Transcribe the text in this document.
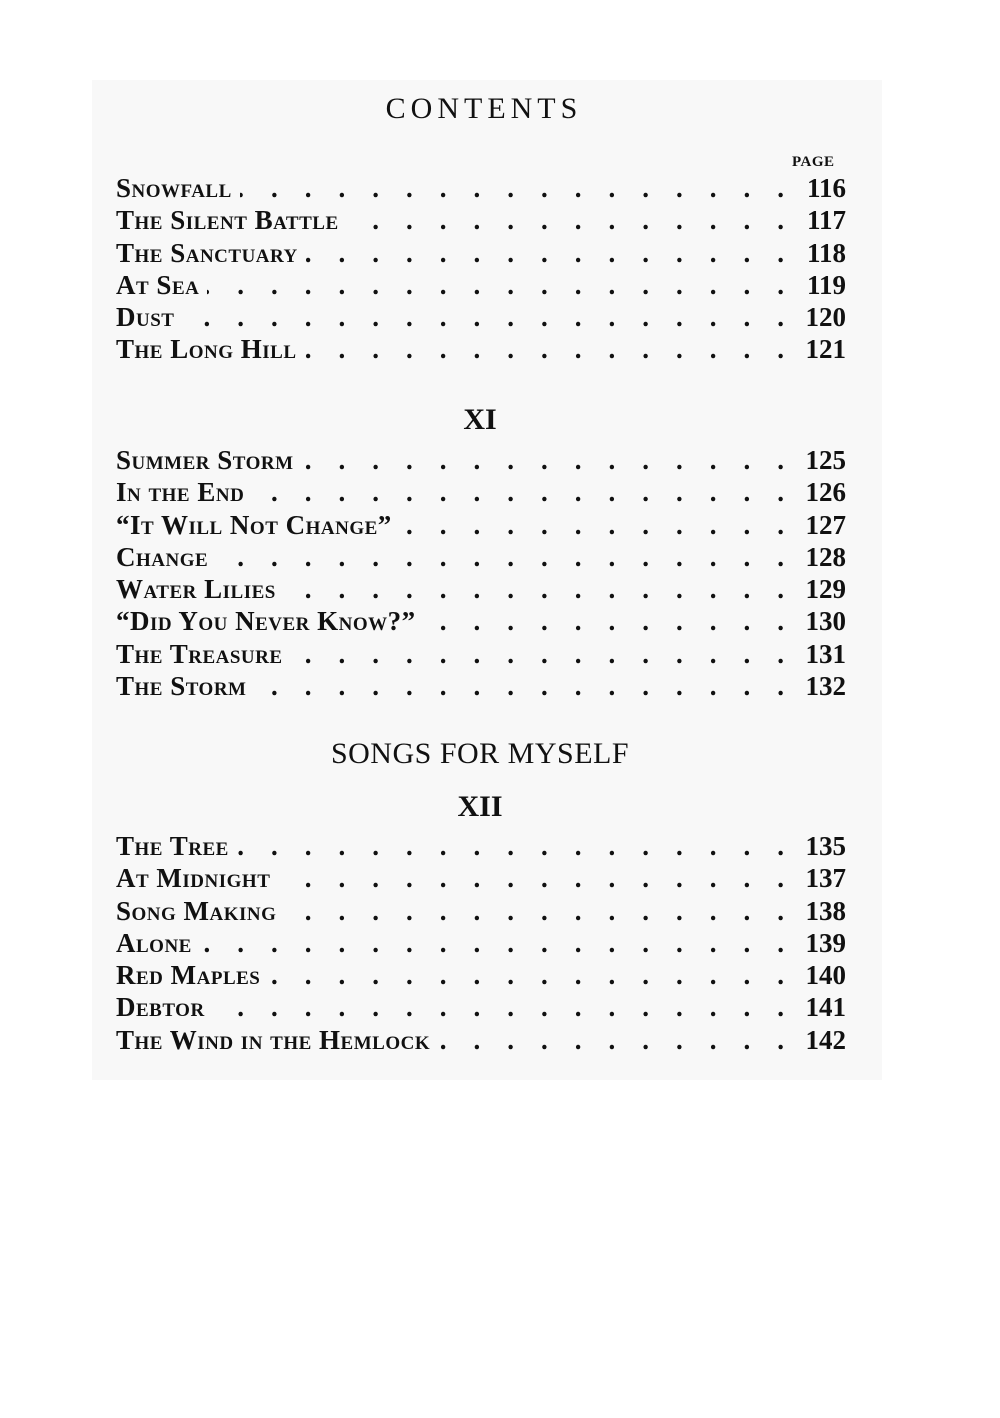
CONTENTS
PAGE
Snowfall .	116
The Silent Battle .	117
The Sanctuary .	118
At Sea .	119
Dust .	120
The Long Hill .	121
XI
Summer Storm .	125
In the End .	126
“It Will Not Change” .	127
Change .	128
Water Lilies .	129
“Did You Never Know?” .	130
The Treasure .	131
The Storm .	132
SONGS FOR MYSELF
XII
The Tree .	135
At Midnight .	137
Song Making .	138
Alone .	139
Red Maples .	140
Debtor .	141
The Wind in the Hemlock .	142
